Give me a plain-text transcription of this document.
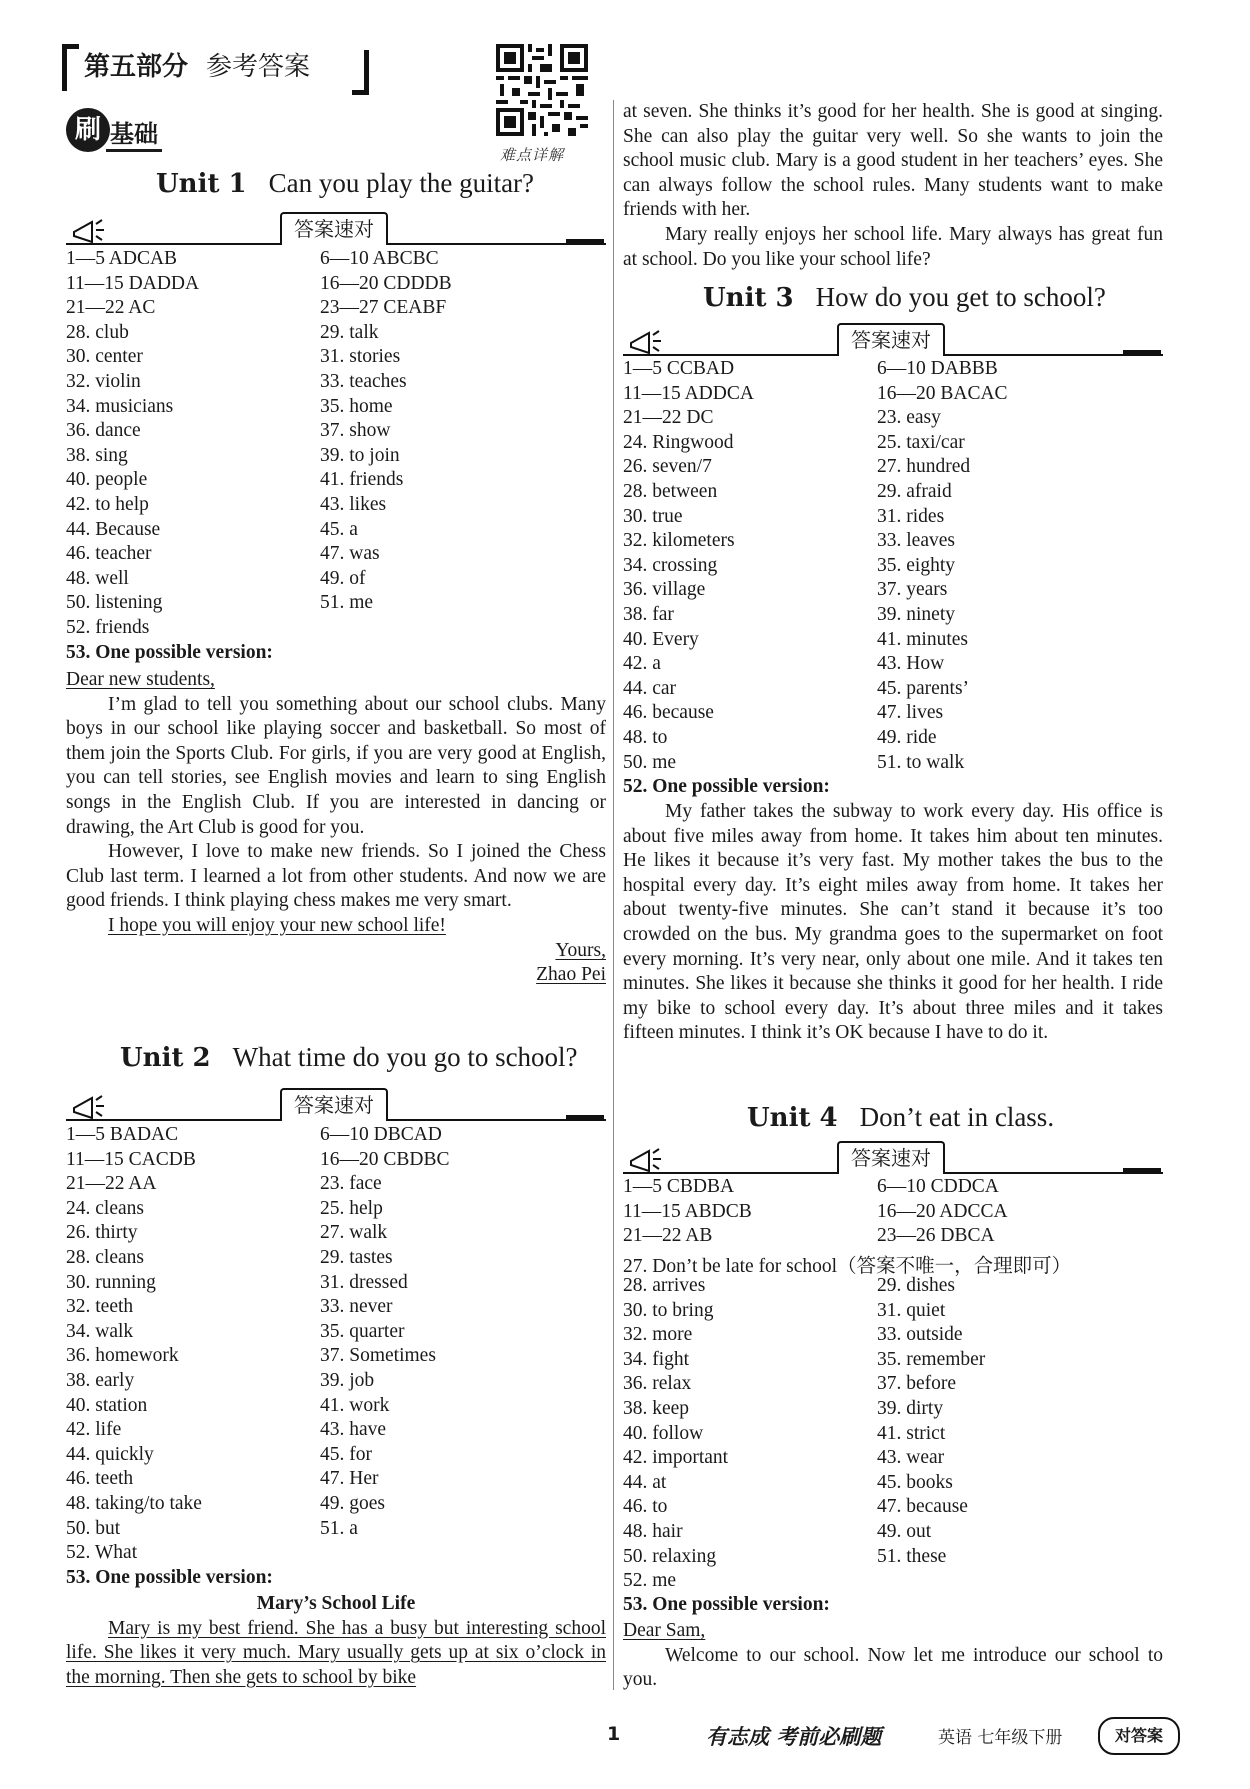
第五部分 参考答案
难点详解
刷 基础
Unit 1 Can you play the guitar?
答案速对
1—5 ADCAB	6—10 ABCBC
11—15 DADDA	16—20 CDDDB
21—22 AC	23—27 CEABF
28. club	29. talk
30. center	31. stories
32. violin	33. teaches
34. musicians	35. home
36. dance	37. show
38. sing	39. to join
40. people	41. friends
42. to help	43. likes
44. Because	45. a
46. teacher	47. was
48. well	49. of
50. listening	51. me
52. friends
53. One possible version:

Dear new students,

I’m glad to tell you something about our school clubs. Many boys in our school like playing soccer and basketball. So most of them join the Sports Club. For girls, if you are very good at English, you can tell stories, see English movies and learn to sing English songs in the English Club. If you are interested in dancing or drawing, the Art Club is good for you.

However, I love to make new friends. So I joined the Chess Club last term. I learned a lot from other students. And now we are good friends. I think playing chess makes me very smart.

I hope you will enjoy your new school life!

Yours,

Zhao Pei

Unit 2 What time do you go to school?
答案速对
1—5 BADAC	6—10 DBCAD
11—15 CACDB	16—20 CBDBC
21—22 AA	23. face
24. cleans	25. help
26. thirty	27. walk
28. cleans	29. tastes
30. running	31. dressed
32. teeth	33. never
34. walk	35. quarter
36. homework	37. Sometimes
38. early	39. job
40. station	41. work
42. life	43. have
44. quickly	45. for
46. teeth	47. Her
48. taking/to take	49. goes
50. but	51. a
52. What
53. One possible version:

Mary’s School Life

Mary is my best friend. She has a busy but interesting school life. She likes it very much. Mary usually gets up at six o’clock in the morning. Then she gets to school by bike

at seven. She thinks it’s good for her health. She is good at singing. She can also play the guitar very well. So she wants to join the school music club. Mary is a good student in her teachers’ eyes. She can always follow the school rules. Many students want to make friends with her.

Mary really enjoys her school life. Mary always has great fun at school. Do you like your school life?

Unit 3 How do you get to school?
答案速对
1—5 CCBAD	6—10 DABBB
11—15 ADDCA	16—20 BACAC
21—22 DC	23. easy
24. Ringwood	25. taxi/car
26. seven/7	27. hundred
28. between	29. afraid
30. true	31. rides
32. kilometers	33. leaves
34. crossing	35. eighty
36. village	37. years
38. far	39. ninety
40. Every	41. minutes
42. a	43. How
44. car	45. parents’
46. because	47. lives
48. to	49. ride
50. me	51. to walk
52. One possible version:

My father takes the subway to work every day. His office is about five miles away from home. It takes him about ten minutes. He likes it because it’s very fast. My mother takes the bus to the hospital every day. It’s eight miles away from home. It takes her about twenty-five minutes. She can’t stand it because it’s too crowded on the bus. My grandma goes to the supermarket on foot every morning. It’s very near, only about one mile. And it takes ten minutes. She likes it because she thinks it good for her health. I ride my bike to school every day. It’s about three miles and it takes fifteen minutes. I think it’s OK because I have to do it.

Unit 4 Don’t eat in class.
答案速对
1—5 CBDBA	6—10 CDDCA
11—15 ABDCB	16—20 ADCCA
21—22 AB	23—26 DBCA
27. Don’t be late for school（答案不唯一，合理即可）
28. arrives	29. dishes
30. to bring	31. quiet
32. more	33. outside
34. fight	35. remember
36. relax	37. before
38. keep	39. dirty
40. follow	41. strict
42. important	43. wear
44. at	45. books
46. to	47. because
48. hair	49. out
50. relaxing	51. these
52. me
53. One possible version:

Dear Sam,

Welcome to our school. Now let me introduce our school to you.

1	有志成 考前必刷题	英语 七年级下册	对答案
